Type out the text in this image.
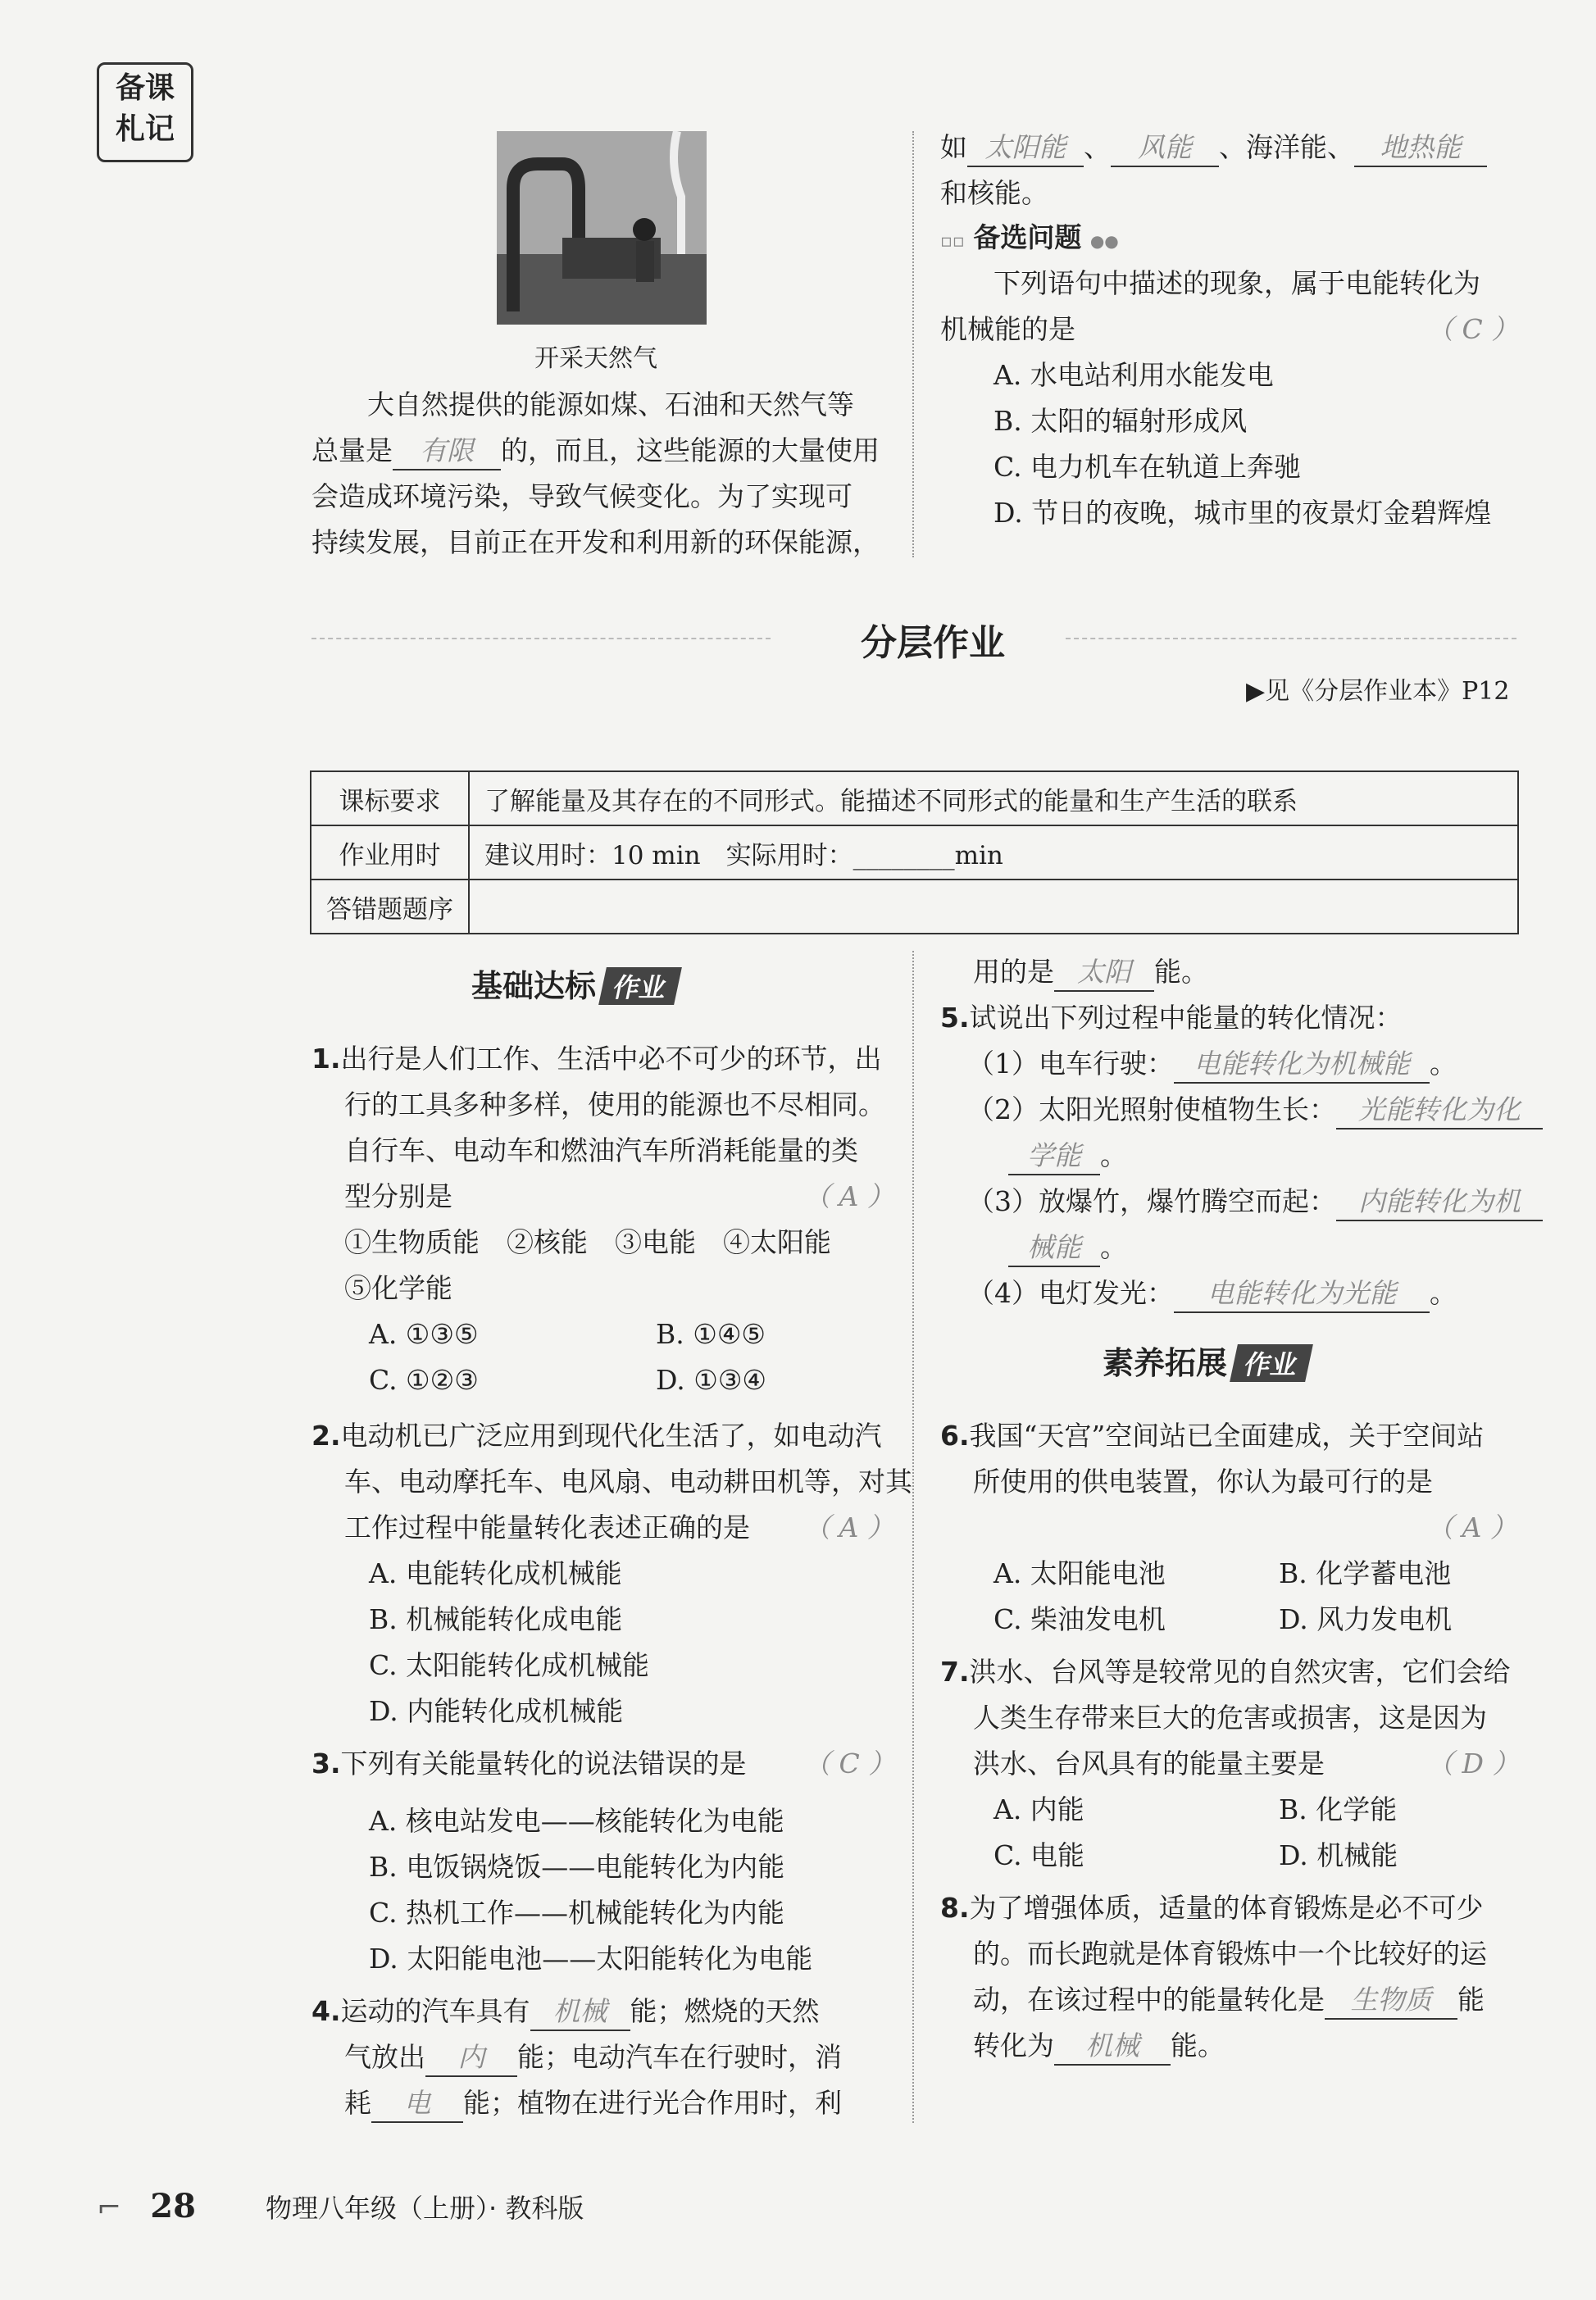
备课
札记
开采天然气
大自然提供的能源如煤、石油和天然气等
总量是 有限 的，而且，这些能源的大量使用
会造成环境污染，导致气候变化。为了实现可
持续发展，目前正在开发和利用新的环保能源，
如 太阳能 、 风能 、海洋能、 地热能
和核能。
▫▫ 备选问题 ●●
下列语句中描述的现象，属于电能转化为
机械能的是	（ C ）
A. 水电站利用水能发电
B. 太阳的辐射形成风
C. 电力机车在轨道上奔驰
D. 节日的夜晚，城市里的夜景灯金碧辉煌
分层作业
▶见《分层作业本》P12
课标要求	了解能量及其存在的不同形式。能描述不同形式的能量和生产生活的联系
作业用时	建议用时：10 min　实际用时：________min
答错题题序	
基础达标 作业
1.出行是人们工作、生活中必不可少的环节，出
行的工具多种多样，使用的能源也不尽相同。
自行车、电动车和燃油汽车所消耗能量的类
型分别是	（ A ）
①生物质能　②核能　③电能　④太阳能
⑤化学能
A. ①③⑤	B. ①④⑤
C. ①②③	D. ①③④
2.电动机已广泛应用到现代化生活了，如电动汽
车、电动摩托车、电风扇、电动耕田机等，对其
工作过程中能量转化表述正确的是 （ A ）
A. 电能转化成机械能
B. 机械能转化成电能
C. 太阳能转化成机械能
D. 内能转化成机械能
3.下列有关能量转化的说法错误的是 （ C ）
A. 核电站发电——核能转化为电能
B. 电饭锅烧饭——电能转化为内能
C. 热机工作——机械能转化为内能
D. 太阳能电池——太阳能转化为电能
4.运动的汽车具有 机械 能；燃烧的天然
气放出 内 能；电动汽车在行驶时，消
耗 电 能；植物在进行光合作用时，利
用的是 太阳 能。
5.试说出下列过程中能量的转化情况：
（1）电车行驶： 电能转化为机械能 。
（2）太阳光照射使植物生长： 光能转化为化
学能 。
（3）放爆竹，爆竹腾空而起： 内能转化为机
械能 。
（4）电灯发光： 电能转化为光能 。
素养拓展 作业
6.我国“天宫”空间站已全面建成，关于空间站
所使用的供电装置，你认为最可行的是
（ A ）
A. 太阳能电池	B. 化学蓄电池
C. 柴油发电机	D. 风力发电机
7.洪水、台风等是较常见的自然灾害，它们会给
人类生存带来巨大的危害或损害，这是因为
洪水、台风具有的能量主要是	（ D ）
A. 内能	B. 化学能
C. 电能	D. 机械能
8.为了增强体质，适量的体育锻炼是必不可少
的。而长跑就是体育锻炼中一个比较好的运
动，在该过程中的能量转化是 生物质 能
转化为 机械 能。
⌐ 28	物理八年级（上册）· 教科版
